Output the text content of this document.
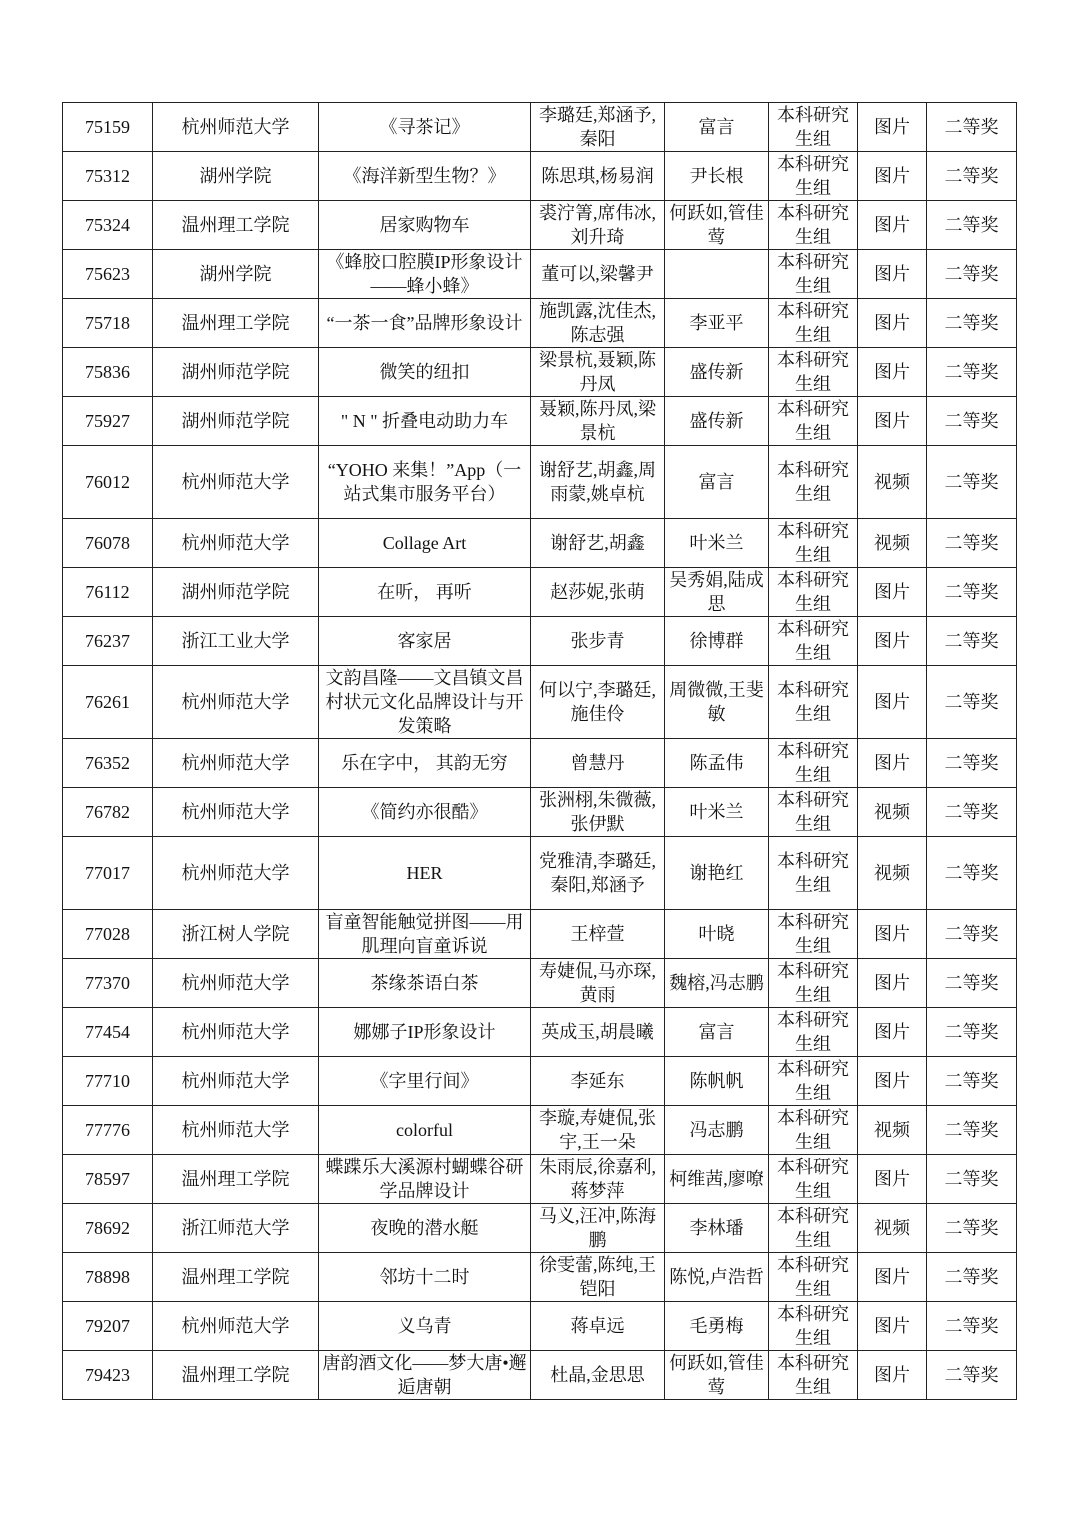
75159	杭州师范大学	《寻茶记》	李璐廷,郑涵予,秦阳	富言	本科研究生组	图片	二等奖
75312	湖州学院	《海洋新型生物？》	陈思琪,杨易润	尹长根	本科研究生组	图片	二等奖
75324	温州理工学院	居家购物车	裘泞箐,席伟冰,刘升琦	何跃如,管佳莺	本科研究生组	图片	二等奖
75623	湖州学院	《蜂胶口腔膜IP形象设计——蜂小蜂》	董可以,梁馨尹		本科研究生组	图片	二等奖
75718	温州理工学院	“一茶一食”品牌形象设计	施凯露,沈佳杰,陈志强	李亚平	本科研究生组	图片	二等奖
75836	湖州师范学院	微笑的纽扣	梁景杭,聂颖,陈丹凤	盛传新	本科研究生组	图片	二等奖
75927	湖州师范学院	" N " 折叠电动助力车	聂颖,陈丹凤,梁景杭	盛传新	本科研究生组	图片	二等奖
76012	杭州师范大学	“YOHO 来集！”App（一站式集市服务平台）	谢舒艺,胡鑫,周雨蒙,姚卓杭	富言	本科研究生组	视频	二等奖
76078	杭州师范大学	Collage Art	谢舒艺,胡鑫	叶米兰	本科研究生组	视频	二等奖
76112	湖州师范学院	在听， 再听	赵莎妮,张萌	吴秀娟,陆成思	本科研究生组	图片	二等奖
76237	浙江工业大学	客家居	张步青	徐博群	本科研究生组	图片	二等奖
76261	杭州师范大学	文韵昌隆——文昌镇文昌村状元文化品牌设计与开发策略	何以宁,李璐廷,施佳伶	周微微,王斐敏	本科研究生组	图片	二等奖
76352	杭州师范大学	乐在字中， 其韵无穷	曾慧丹	陈孟伟	本科研究生组	图片	二等奖
76782	杭州师范大学	《简约亦很酷》	张洲栩,朱微薇,张伊默	叶米兰	本科研究生组	视频	二等奖
77017	杭州师范大学	HER	党雅清,李璐廷,秦阳,郑涵予	谢艳红	本科研究生组	视频	二等奖
77028	浙江树人学院	盲童智能触觉拼图——用肌理向盲童诉说	王梓萱	叶晓	本科研究生组	图片	二等奖
77370	杭州师范大学	茶缘茶语白茶	寿婕侃,马亦琛,黄雨	魏榕,冯志鹏	本科研究生组	图片	二等奖
77454	杭州师范大学	娜娜子IP形象设计	英成玉,胡晨曦	富言	本科研究生组	图片	二等奖
77710	杭州师范大学	《字里行间》	李延东	陈帆帆	本科研究生组	图片	二等奖
77776	杭州师范大学	colorful	李璇,寿婕侃,张宇,王一朵	冯志鹏	本科研究生组	视频	二等奖
78597	温州理工学院	蝶蹀乐大溪源村蝴蝶谷研学品牌设计	朱雨辰,徐嘉利,蒋梦萍	柯维茜,廖嘹	本科研究生组	图片	二等奖
78692	浙江师范大学	夜晚的潜水艇	马义,汪冲,陈海鹏	李林璠	本科研究生组	视频	二等奖
78898	温州理工学院	邻坊十二时	徐雯蕾,陈纯,王铠阳	陈悦,卢浩哲	本科研究生组	图片	二等奖
79207	杭州师范大学	义乌青	蒋卓远	毛勇梅	本科研究生组	图片	二等奖
79423	温州理工学院	唐韵酒文化——梦大唐•邂逅唐朝	杜晶,金思思	何跃如,管佳莺	本科研究生组	图片	二等奖
